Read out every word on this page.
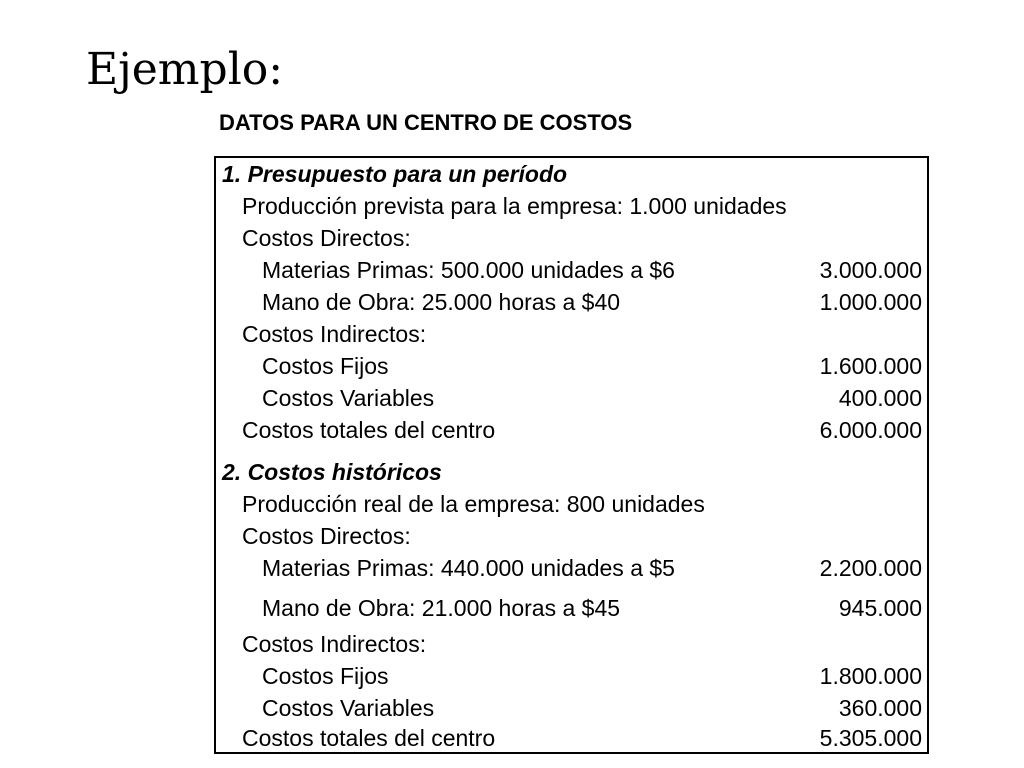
Ejemplo:
DATOS PARA UN CENTRO DE COSTOS
1. Presupuesto para un período
Producción prevista para la empresa: 1.000 unidades
Costos Directos:
Materias Primas: 500.000 unidades a $6	3.000.000
Mano de Obra: 25.000 horas a $40	1.000.000
Costos Indirectos:
Costos Fijos	1.600.000
Costos Variables	400.000
Costos totales del centro	6.000.000
2. Costos históricos
Producción real de la empresa: 800 unidades
Costos Directos:
Materias Primas: 440.000 unidades a $5	2.200.000
Mano de Obra: 21.000 horas a $45	945.000
Costos Indirectos:
Costos Fijos	1.800.000
Costos Variables	360.000
Costos totales del centro	5.305.000
